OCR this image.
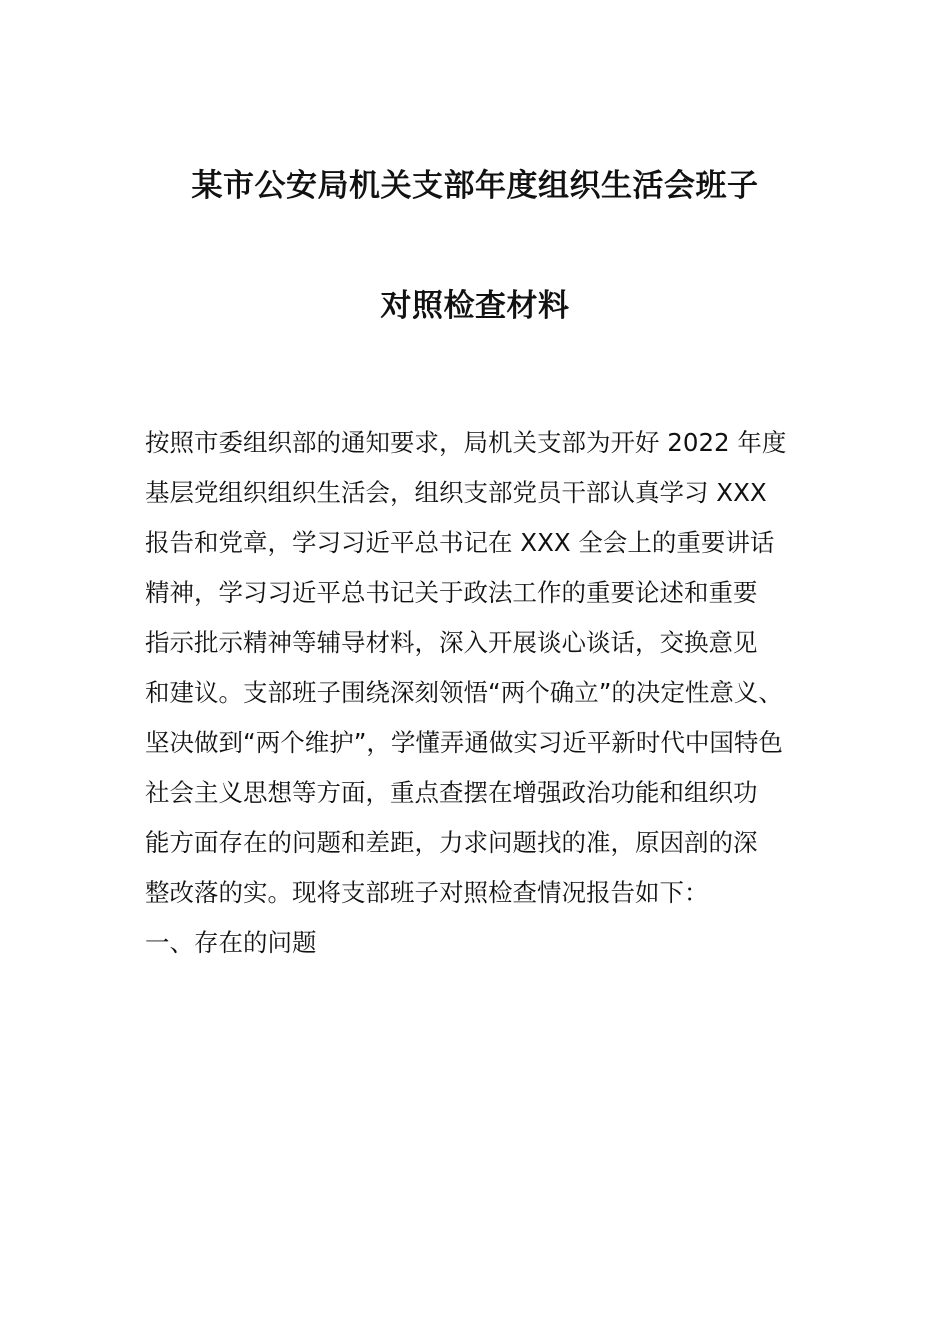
某市公安局机关支部年度组织生活会班子
对照检查材料
按照市委组织部的通知要求，局机关支部为开好 2022 年度
基层党组织组织生活会，组织支部党员干部认真学习 XXX
报告和党章，学习习近平总书记在 XXX 全会上的重要讲话
精神，学习习近平总书记关于政法工作的重要论述和重要
指示批示精神等辅导材料，深入开展谈心谈话，交换意见
和建议。支部班子围绕深刻领悟“两个确立”的决定性意义、
坚决做到“两个维护”，学懂弄通做实习近平新时代中国特色
社会主义思想等方面，重点查摆在增强政治功能和组织功
能方面存在的问题和差距，力求问题找的准，原因剖的深
整改落的实。现将支部班子对照检查情况报告如下：
一、存在的问题
